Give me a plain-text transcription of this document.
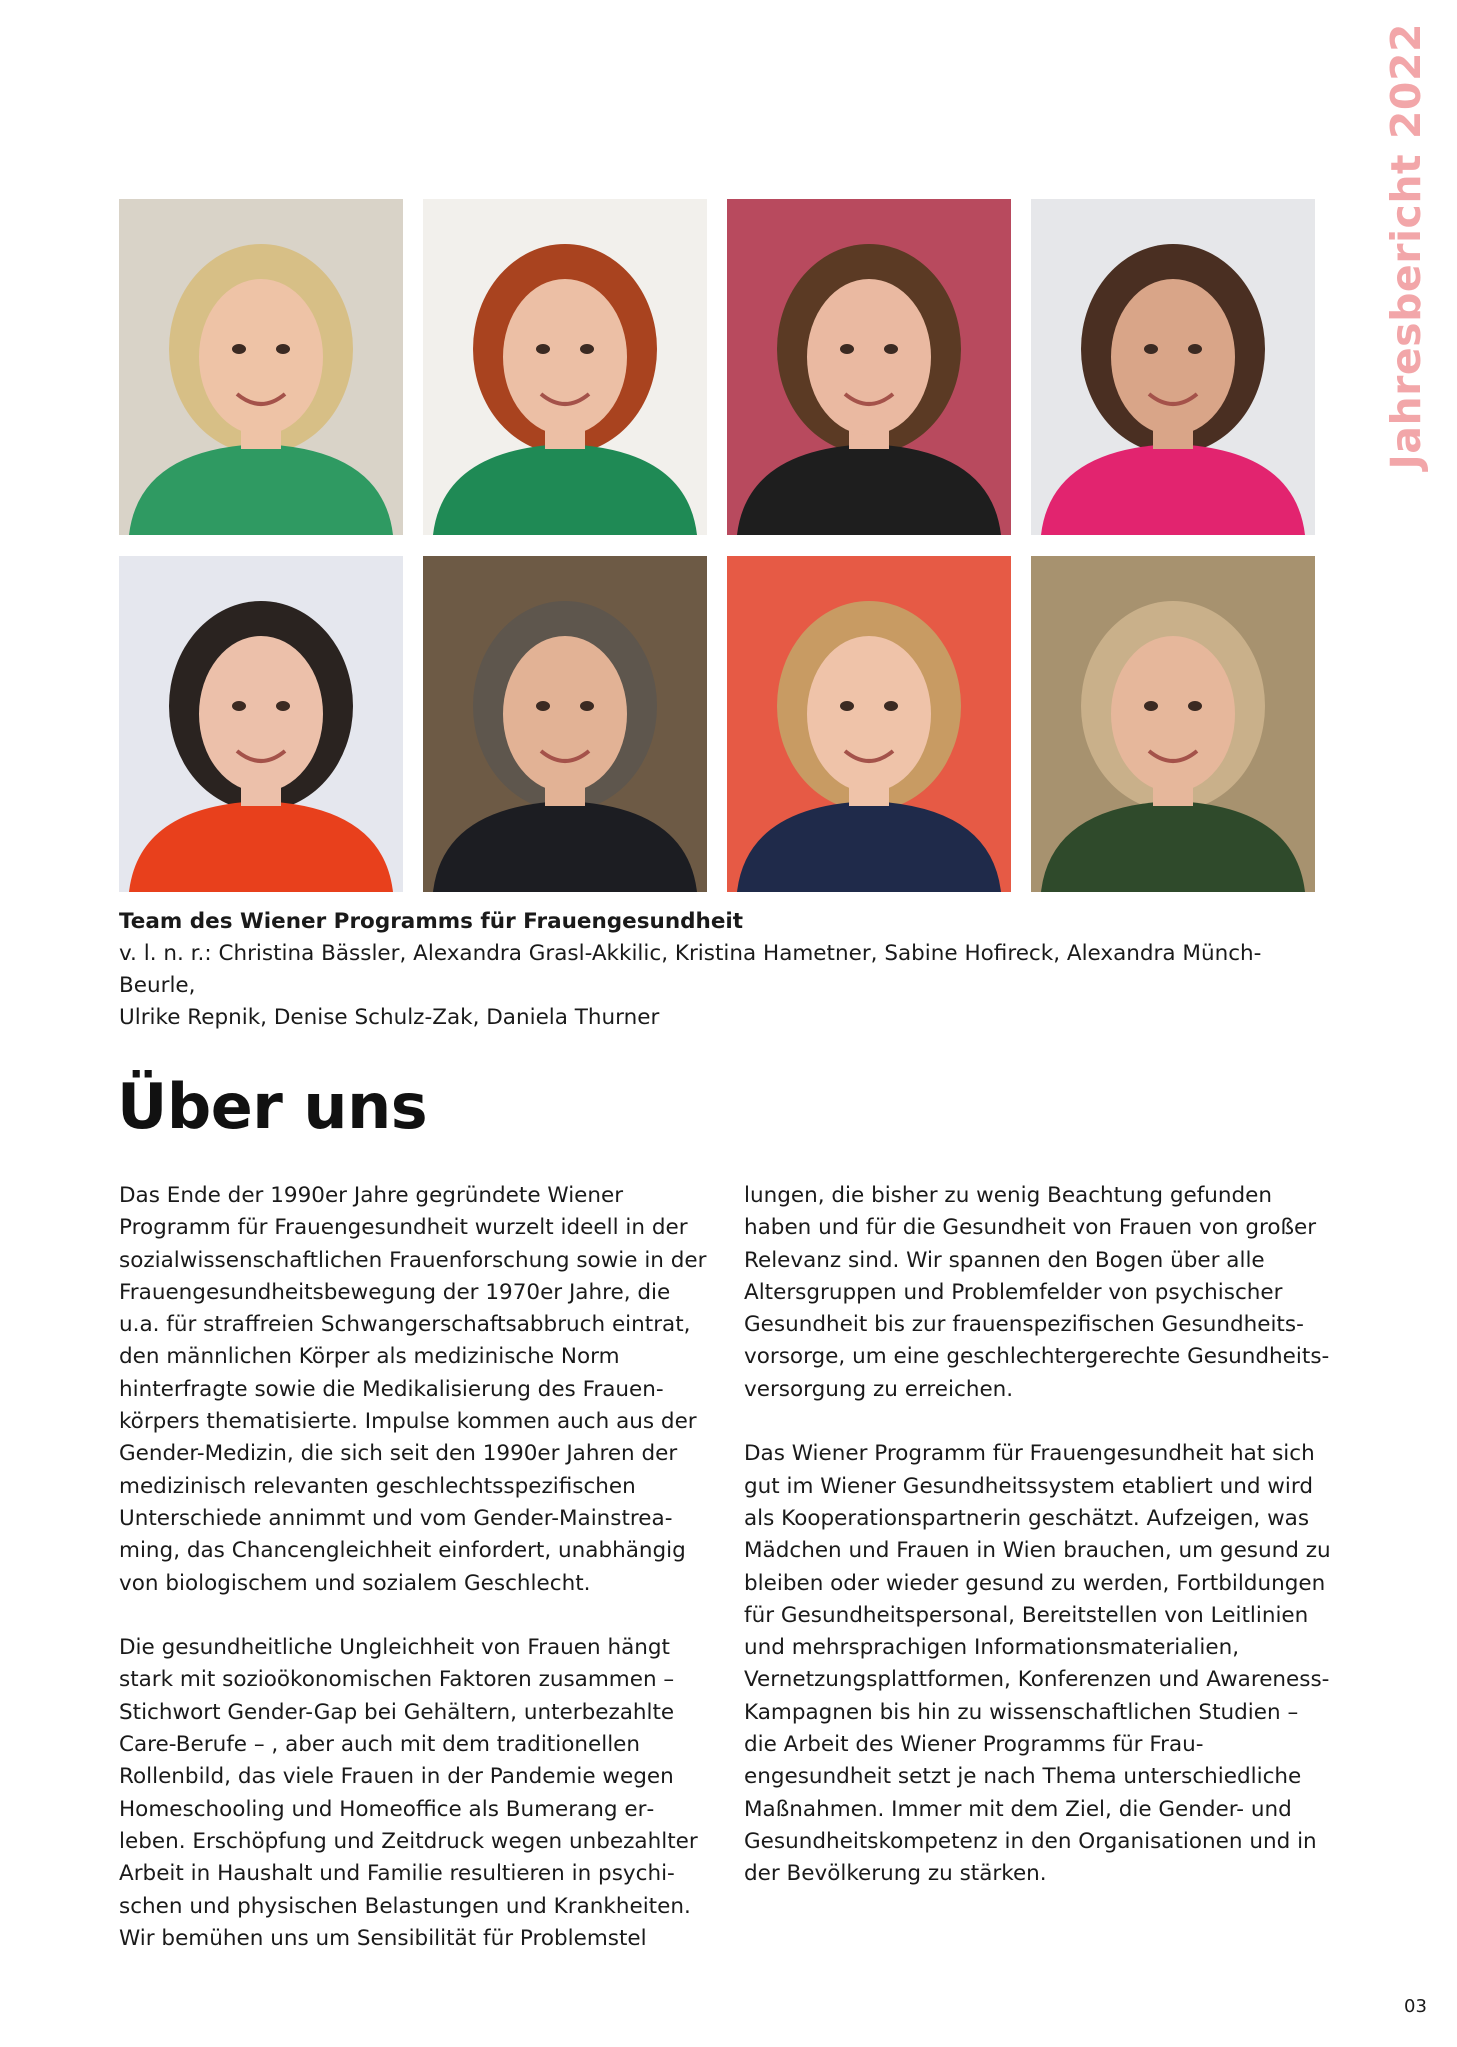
Jahresbericht 2022
Team des Wiener Programms für Frauengesundheit
v. l. n. r.: Christina Bässler, Alexandra Grasl-Akkilic, Kristina Hametner, Sabine Hofireck, Alexandra Münch-Beurle,
Ulrike Repnik, Denise Schulz-Zak, Daniela Thurner
Über uns

Das Ende der 1990er Jahre gegründete Wiener Programm für Frauengesundheit wurzelt ideell in der sozialwissenschaftlichen Frauenforschung sowie in der Frauengesundheitsbewegung der 1970er Jahre, die u.a. für straffreien Schwangerschaftsabbruch eintrat, den männlichen Körper als medizinische Norm hinterfragte sowie die Medikalisierung des Frauenkörpers thematisierte. Impulse kommen auch aus der Gender-Medizin, die sich seit den 1990er Jahren der medizinisch relevanten geschlechtsspezifischen Unterschiede annimmt und vom Gender-Mainstreaming, das Chancengleichheit einfordert, unabhängig von biologischem und sozialem Geschlecht.

Die gesundheitliche Ungleichheit von Frauen hängt stark mit sozioökonomischen Faktoren zusammen – Stichwort Gender-Gap bei Gehältern, unterbezahlte Care-Berufe – , aber auch mit dem traditionellen Rollenbild, das viele Frauen in der Pandemie wegen Homeschooling und Homeoffice als Bumerang erleben. Erschöpfung und Zeitdruck wegen unbezahlter Arbeit in Haushalt und Familie resultieren in psychischen und physischen Belastungen und Krankheiten. Wir bemühen uns um Sensibilität für Problemstel

lungen, die bisher zu wenig Beachtung gefunden haben und für die Gesundheit von Frauen von großer Relevanz sind. Wir spannen den Bogen über alle Altersgruppen und Problemfelder von psychischer Gesundheit bis zur frauenspezifischen Gesundheitsvorsorge, um eine geschlechtergerechte Gesundheitsversorgung zu erreichen.

Das Wiener Programm für Frauengesundheit hat sich gut im Wiener Gesundheitssystem etabliert und wird als Kooperationspartnerin geschätzt. Aufzeigen, was Mädchen und Frauen in Wien brauchen, um gesund zu bleiben oder wieder gesund zu werden, Fortbildungen für Gesundheitspersonal, Bereitstellen von Leitlinien und mehrsprachigen Informationsmaterialien, Vernetzungsplattformen, Konferenzen und Awareness-Kampagnen bis hin zu wissenschaftlichen Studien – die Arbeit des Wiener Programms für Frauengesundheit setzt je nach Thema unterschiedliche Maßnahmen. Immer mit dem Ziel, die Gender- und Gesundheitskompetenz in den Organisationen und in der Bevölkerung zu stärken.

03
